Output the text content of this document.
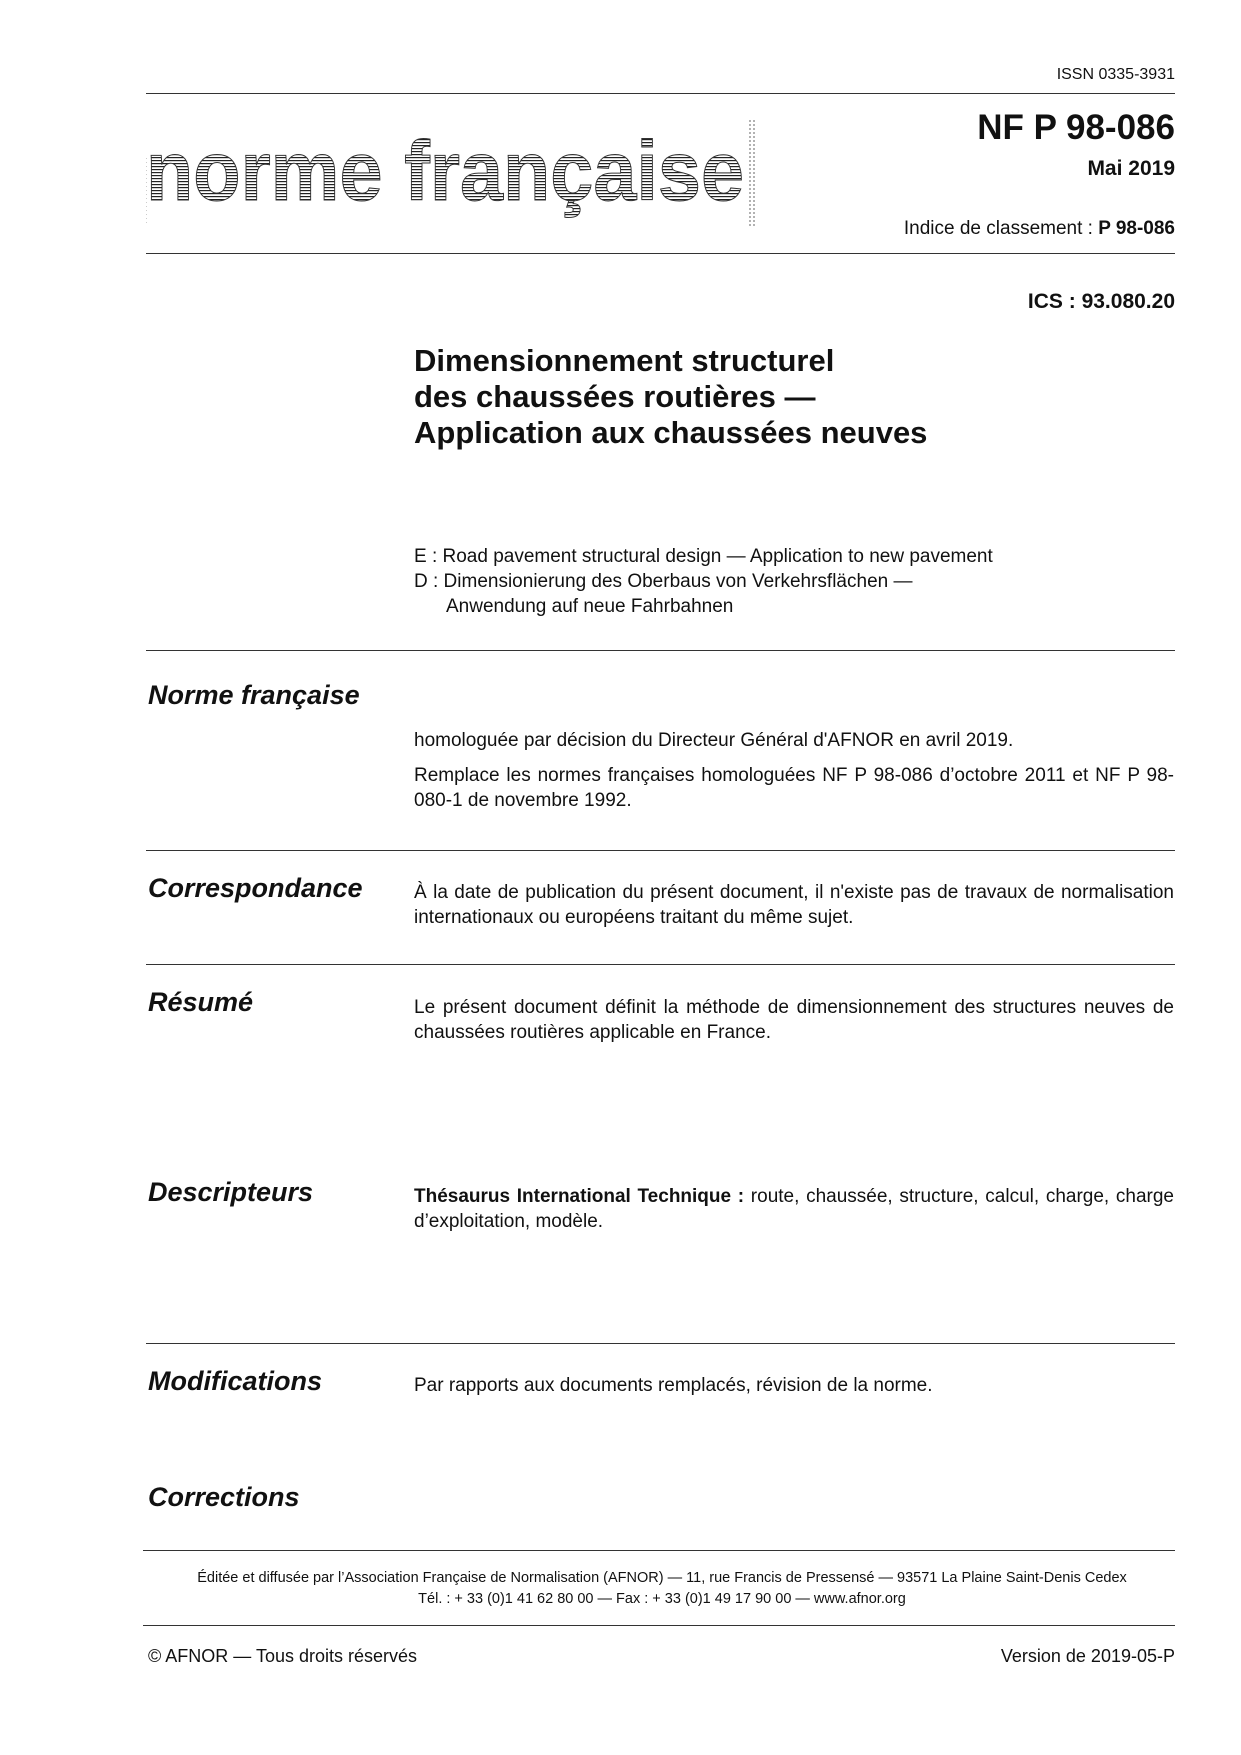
ISSN 0335-3931
norme française	NF P 98-086
Mai 2019
Indice de classement : P 98-086
ICS : 93.080.20
Dimensionnement structurel
des chaussées routières —
Application aux chaussées neuves
E : Road pavement structural design — Application to new pavement
D : Dimensionierung des Oberbaus von Verkehrsflächen —
Anwendung auf neue Fahrbahnen
Norme française

homologuée par décision du Directeur Général d'AFNOR en avril 2019.

Remplace les normes françaises homologuées NF P 98-086 d’octobre 2011 et NF P 98-080-1 de novembre 1992.

Correspondance	À la date de publication du présent document, il n'existe pas de travaux de normalisation internationaux ou européens traitant du même sujet.
Résumé	Le présent document définit la méthode de dimensionnement des structures neuves de chaussées routières applicable en France.
Descripteurs	Thésaurus International Technique : route, chaussée, structure, calcul, charge, charge d’exploitation, modèle.
Modifications	Par rapports aux documents remplacés, révision de la norme.
Corrections
Éditée et diffusée par l’Association Française de Normalisation (AFNOR) — 11, rue Francis de Pressensé — 93571 La Plaine Saint-Denis Cedex
Tél. : + 33 (0)1 41 62 80 00 — Fax : + 33 (0)1 49 17 90 00 — www.afnor.org
© AFNOR — Tous droits réservés	Version de 2019-05-P
